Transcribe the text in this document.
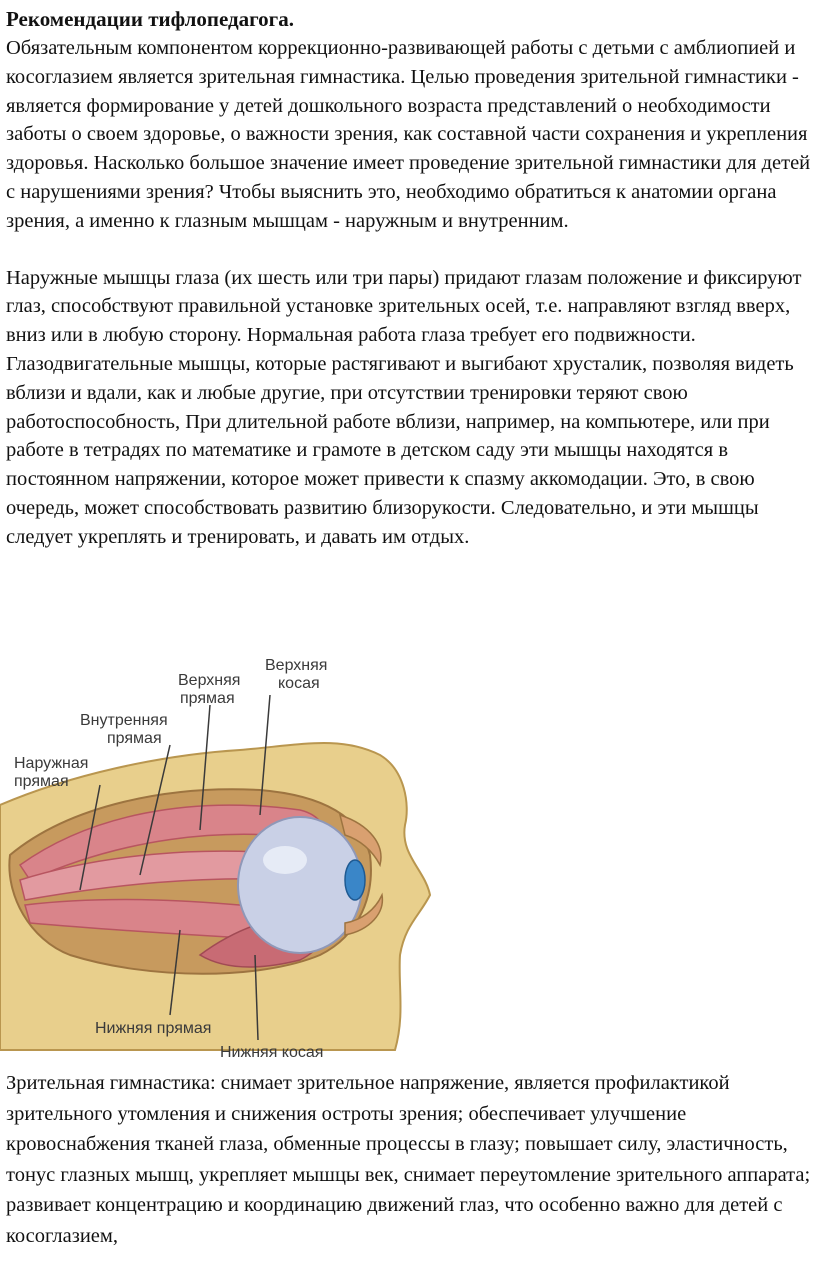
Рекомендации тифлопедагога.

Обязательным компонентом коррекционно-развивающей работы с детьми с амблиопией и косоглазием является зрительная гимнастика. Целью проведения зрительной гимнастики - является формирование у детей дошкольного возраста представлений о необходимости заботы о своем здоровье, о важности зрения, как составной части сохранения и укрепления здоровья. Насколько большое значение имеет проведение зрительной гимнастики для детей с нарушениями зрения? Чтобы выяснить это, необходимо обратиться к анатомии органа зрения, а именно к глазным мышцам - наружным и внутренним.

Наружные мышцы глаза (их шесть или три пары) придают глазам положение и фиксируют глаз, способствуют правильной установке зрительных осей, т.е. направляют взгляд вверх, вниз или в любую сторону. Нормальная работа глаза требует его подвижности. Глазодвигательные мышцы, которые растягивают и выгибают хрусталик, позволяя видеть вблизи и вдали, как и любые другие, при отсутствии тренировки теряют свою работоспособность, При длительной работе вблизи, например, на компьютере, или при работе в тетрадях по математике и грамоте в детском саду эти мышцы находятся в постоянном напряжении, которое может привести к спазму аккомодации. Это, в свою очередь, может способствовать развитию близорукости. Следовательно, и эти мышцы следует укреплять и тренировать, и давать им отдых.

Верхняя
прямая
Верхняя
косая
Внутренняя
прямая
Наружная
прямая
Нижняя прямая
Нижняя косая

Зрительная гимнастика: снимает зрительное напряжение, является профилактикой зрительного утомления и снижения остроты зрения; обеспечивает улучшение кровоснабжения тканей глаза, обменные процессы в глазу; повышает силу, эластичность, тонус глазных мышц, укрепляет мышцы век, снимает переутомление зрительного аппарата; развивает концентрацию и координацию движений глаз, что особенно важно для детей с косоглазием,
